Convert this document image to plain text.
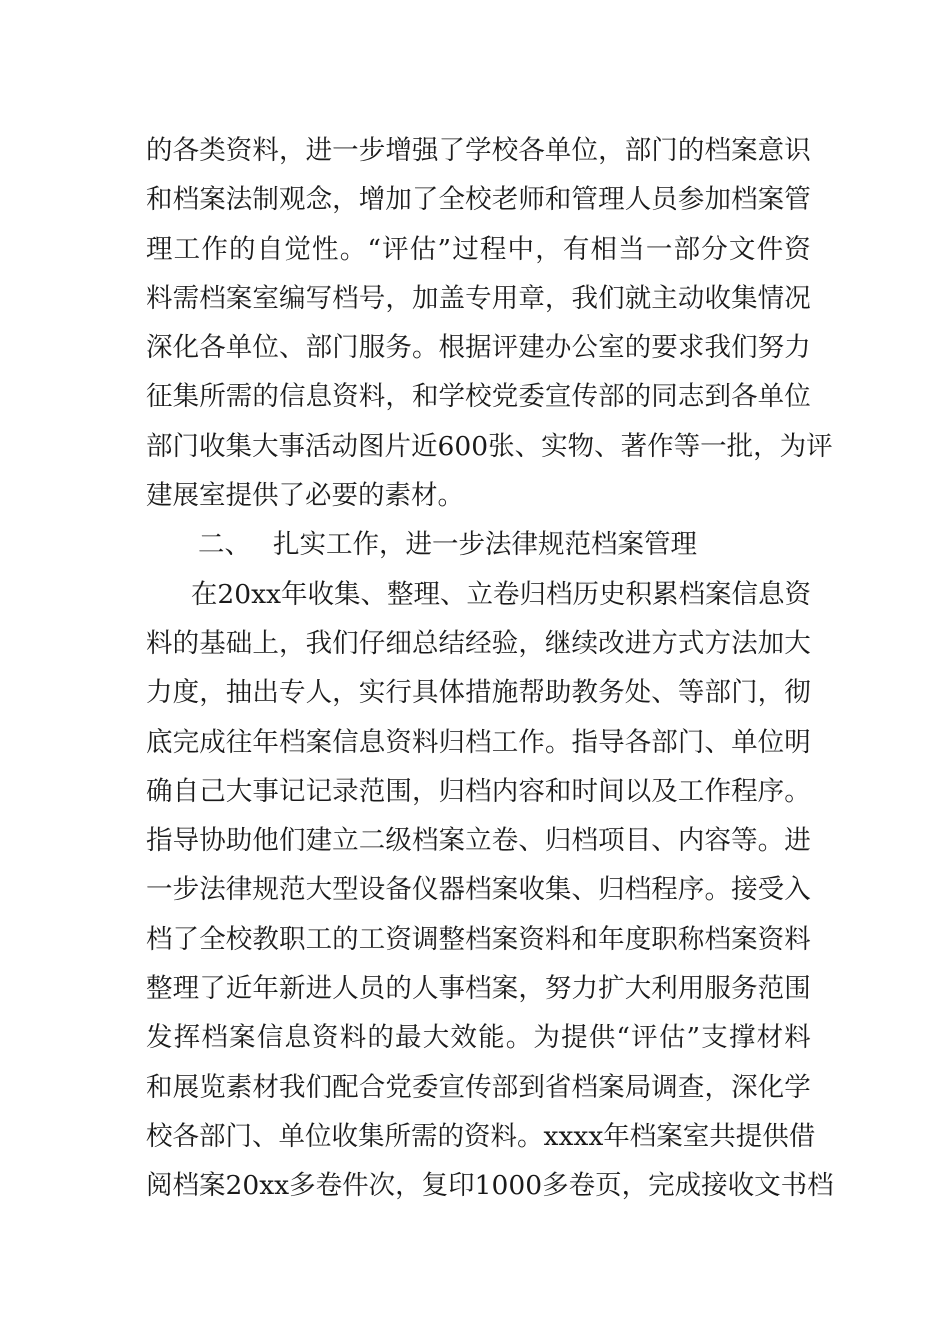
的 各 类 资 料 ， 进 一 步 增 强 了 学 校 各 单 位 ， 部 门 的 档 案 意 识
和 档 案 法 制 观 念 ， 增 加 了 全 校 老 师 和 管 理 人 员 参 加 档 案 管
理 工 作 的 自 觉 性 。 “ 评 估 ” 过 程 中 ， 有 相 当 一 部 分 文 件 资
料 需 档 案 室 编 写 档 号 ， 加 盖 专 用 章 ， 我 们 就 主 动 收 集 情 况
深 化 各 单 位 、 部 门 服 务 。 根 据 评 建 办 公 室 的 要 求 我 们 努 力
征 集 所 需 的 信 息 资 料 ， 和 学 校 党 委 宣 传 部 的 同 志 到 各 单 位
部 门 收 集 大 事 活 动 图 片 近 600 张 、 实 物 、 著 作 等 一 批 ， 为 评
建展室提供了必要的素材。
二、 扎实工作，进一步法律规范档案管理
在 20xx 年 收 集 、 整 理 、 立 卷 归 档 历 史 积 累 档 案 信 息 资
料 的 基 础 上 ， 我 们 仔 细 总 结 经 验 ， 继 续 改 进 方 式 方 法 加 大
力 度 ， 抽 出 专 人 ， 实 行 具 体 措 施 帮 助 教 务 处 、 等 部 门 ， 彻
底 完 成 往 年 档 案 信 息 资 料 归 档 工 作 。 指 导 各 部 门 、 单 位 明
确 自 己 大 事 记 记 录 范 围 ， 归 档 内 容 和 时 间 以 及 工 作 程 序 。
指 导 协 助 他 们 建 立 二 级 档 案 立 卷 、 归 档 项 目 、 内 容 等 。 进
一 步 法 律 规 范 大 型 设 备 仪 器 档 案 收 集 、 归 档 程 序 。 接 受 入
档 了 全 校 教 职 工 的 工 资 调 整 档 案 资 料 和 年 度 职 称 档 案 资 料
整 理 了 近 年 新 进 人 员 的 人 事 档 案 ， 努 力 扩 大 利 用 服 务 范 围
发 挥 档 案 信 息 资 料 的 最 大 效 能 。 为 提 供 “ 评 估 ” 支 撑 材 料
和 展 览 素 材 我 们 配 合 党 委 宣 传 部 到 省 档 案 局 调 查 ， 深 化 学
校 各 部 门 、 单 位 收 集 所 需 的 资 料 。 xxxx 年 档 案 室 共 提 供 借
阅 档 案 20xx 多 卷 件 次 ， 复 印 1000 多 卷 页 ， 完 成 接 收 文 书 档
